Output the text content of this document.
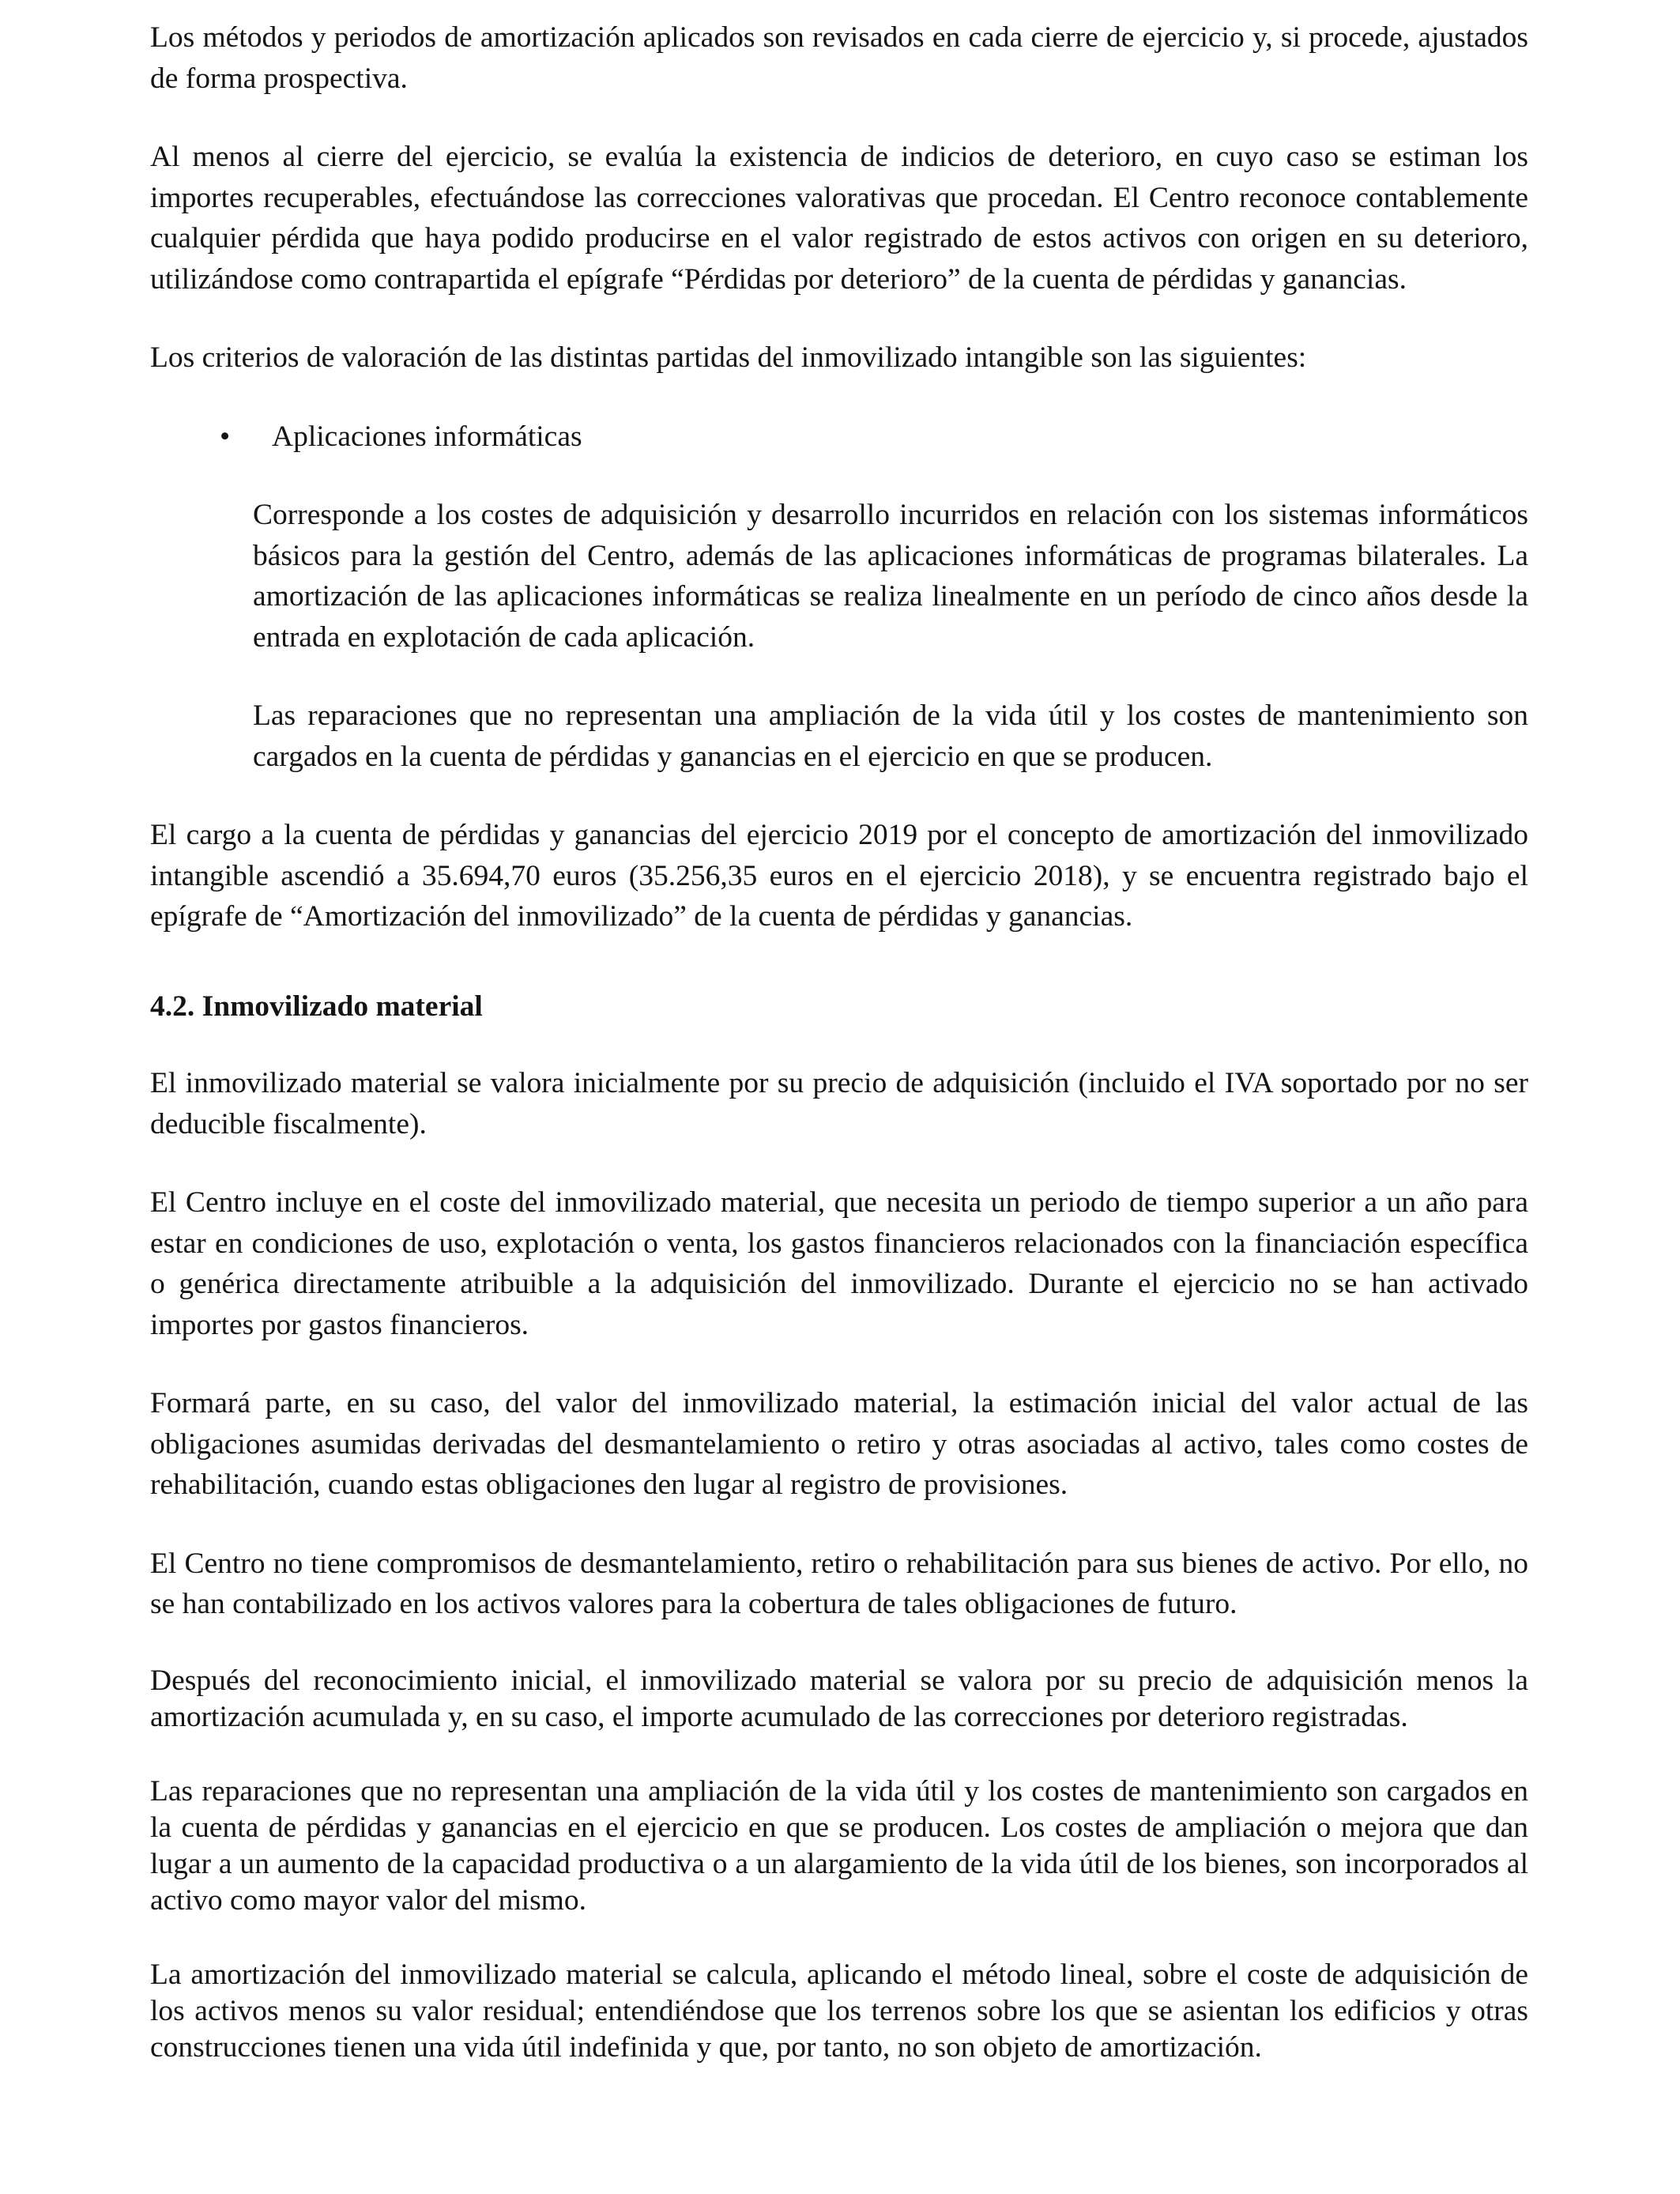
Los métodos y periodos de amortización aplicados son revisados en cada cierre de ejercicio y, si procede, ajustados de forma prospectiva.

Al menos al cierre del ejercicio, se evalúa la existencia de indicios de deterioro, en cuyo caso se estiman los importes recuperables, efectuándose las correcciones valorativas que procedan. El Centro reconoce contablemente cualquier pérdida que haya podido producirse en el valor registrado de estos activos con origen en su deterioro, utilizándose como contrapartida el epígrafe “Pérdidas por deterioro” de la cuenta de pérdidas y ganancias.

Los criterios de valoración de las distintas partidas del inmovilizado intangible son las siguientes:

• Aplicaciones informáticas

Corresponde a los costes de adquisición y desarrollo incurridos en relación con los sistemas informáticos básicos para la gestión del Centro, además de las aplicaciones informáticas de programas bilaterales. La amortización de las aplicaciones informáticas se realiza linealmente en un período de cinco años desde la entrada en explotación de cada aplicación.

Las reparaciones que no representan una ampliación de la vida útil y los costes de mantenimiento son cargados en la cuenta de pérdidas y ganancias en el ejercicio en que se producen.

El cargo a la cuenta de pérdidas y ganancias del ejercicio 2019 por el concepto de amortización del inmovilizado intangible ascendió a 35.694,70 euros (35.256,35 euros en el ejercicio 2018), y se encuentra registrado bajo el epígrafe de “Amortización del inmovilizado” de la cuenta de pérdidas y ganancias.

4.2. Inmovilizado material

El inmovilizado material se valora inicialmente por su precio de adquisición (incluido el IVA soportado por no ser deducible fiscalmente).

El Centro incluye en el coste del inmovilizado material, que necesita un periodo de tiempo superior a un año para estar en condiciones de uso, explotación o venta, los gastos financieros relacionados con la financiación específica o genérica directamente atribuible a la adquisición del inmovilizado. Durante el ejercicio no se han activado importes por gastos financieros.

Formará parte, en su caso, del valor del inmovilizado material, la estimación inicial del valor actual de las obligaciones asumidas derivadas del desmantelamiento o retiro y otras asociadas al activo, tales como costes de rehabilitación, cuando estas obligaciones den lugar al registro de provisiones.

El Centro no tiene compromisos de desmantelamiento, retiro o rehabilitación para sus bienes de activo. Por ello, no se han contabilizado en los activos valores para la cobertura de tales obligaciones de futuro.

Después del reconocimiento inicial, el inmovilizado material se valora por su precio de adquisición menos la amortización acumulada y, en su caso, el importe acumulado de las correcciones por deterioro registradas.

Las reparaciones que no representan una ampliación de la vida útil y los costes de mantenimiento son cargados en la cuenta de pérdidas y ganancias en el ejercicio en que se producen. Los costes de ampliación o mejora que dan lugar a un aumento de la capacidad productiva o a un alargamiento de la vida útil de los bienes, son incorporados al activo como mayor valor del mismo.

La amortización del inmovilizado material se calcula, aplicando el método lineal, sobre el coste de adquisición de los activos menos su valor residual; entendiéndose que los terrenos sobre los que se asientan los edificios y otras construcciones tienen una vida útil indefinida y que, por tanto, no son objeto de amortización.
